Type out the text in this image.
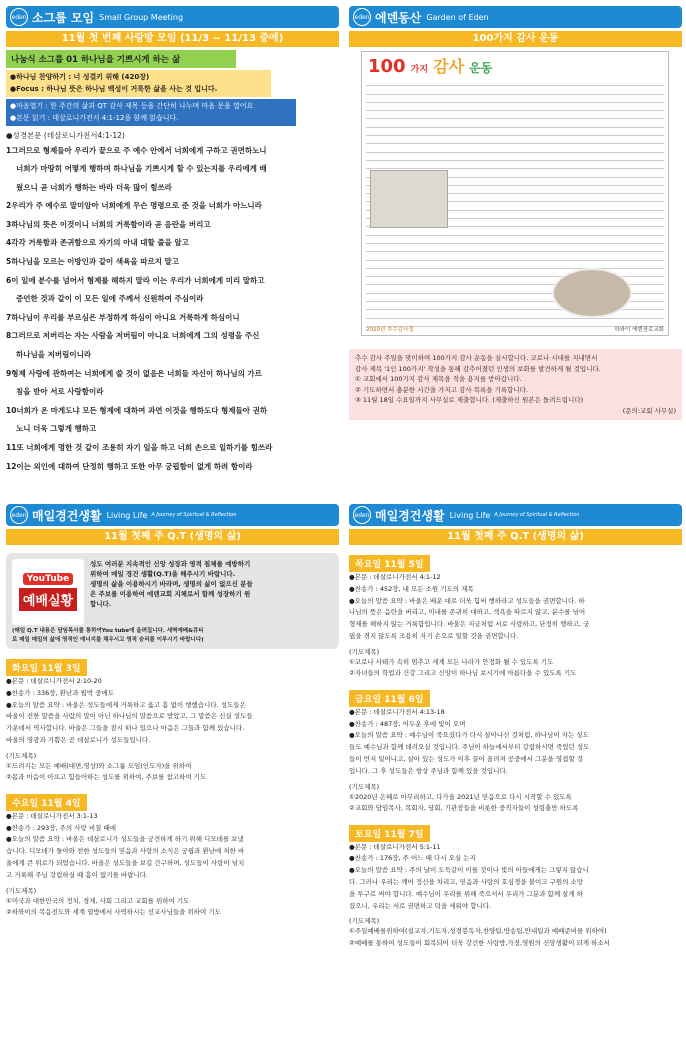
eden 소그룹 모임 Small Group Meeting
11월 첫 번째 사랑방 모임 (11/3 ~ 11/13 중에)
나눔식 소그룹 01 하나님을 기쁘시게 하는 삶
●하나님 찬양하기 : 너 성결키 위해 (420장)
●Focus : 하나님 뜻은 하나님 백성이 거룩한 삶을 사는 것 입니다.
●마음열기 : 한 주간의 삶과 QT 감사 제목 등을 간단히 나누며 마음 문을 열어요
●본문 읽기 : 데살로니가전서 4:1-12을 함께 읽습니다.
●성경본문 (데살로니가전서4:1-12)
1그러므로 형제들아 우리가 끝으로 주 예수 안에서 너희에게 구하고 권면하노니
너희가 마땅히 어떻게 행하며 하나님을 기쁘시게 할 수 있는지를 우리에게 배
웠으니 곧 너희가 행하는 바라 더욱 많이 힘쓰라
2우리가 주 예수로 말미암아 너희에게 무슨 명령으로 준 것을 너희가 아느니라
3하나님의 뜻은 이것이니 너희의 거룩함이라 곧 음란을 버리고
4각각 거룩함과 존귀함으로 자기의 아내 대할 줄을 알고
5하나님을 모르는 이방인과 같이 색욕을 따르지 말고
6이 일에 분수를 넘어서 형제를 해하지 말라 이는 우리가 너희에게 미리 말하고
증언한 것과 같이 이 모든 일에 주께서 신원하여 주심이라
7하나님이 우리를 부르심은 부정하게 하심이 아니요 거룩하게 하심이니
8그러므로 저버리는 자는 사람을 저버림이 아니요 너희에게 그의 성령을 주신
하나님을 저버림이니라
9형제 사랑에 관하여는 너희에게 쓸 것이 없음은 너희들 자신이 하나님의 가르
침을 받아 서로 사랑함이라
10너희가 온 마게도냐 모든 형제에 대하여 과연 이것을 행하도다 형제들아 권하
노니 더욱 그렇게 행하고
11또 너희에게 명한 것 같이 조용히 자기 일을 하고 너희 손으로 일하기를 힘쓰라
12이는 외인에 대하여 단정히 행하고 또한 아무 궁핍함이 없게 하려 함이라
eden 에덴동산 Garden of Eden
100가지 감사 운동
100 가지 감사 운동
2020년 추수감사절	하와이 에덴장로교회
추수 감사 주일을 맞이하여 100가지 감사 운동을 실시합니다. 코로나 시대를 지내면서
감사 제목 '1인 100가지' 작성을 통해 감추어졌던 인생의 보화를 발견하게 될 것입니다.
① 교회에서 100가지 감사 제목을 적을 용지를 받아갑니다.
② 기도하면서 충분한 시간을 가지고 감사 목록을 기록합니다.
③ 11월 18일 수요일까지 사무실로 제출합니다. (제출하신 원본은 돌려드립니다)
(문의:교회 사무실)
eden 매일경건생활 Living Life A Journey of Spiritual & Reflection
11월 첫째 주 Q.T (생명의 삶)
YouTube
예배실황
성도 여러분 지속적인 신앙 성장과 영적 침체를 예방하기
위하여 매일 경건 생활(Q.T)을 해주시기 바랍니다.
생명의 삶을 이용하시기 바라며, 생명의 삶이 없으신 분들
은 주보를 이용하여 에덴교회 지체로서 함께 성장하기 원
합니다.
(매일 Q.T 내용은 담임목사를 통하여You tube에 올려집니다. 새벽예배&큐티
로 매일 매일의 삶에 영적인 에너지를 채우시고 영적 승리를 이루시기 바랍니다)
화요일 11월 3일
●본문 : 데살로니가전서 2:10-20
●찬송가 : 336장, 환난과 핍박 중에도
●오늘의 말씀 요약 : 바울은 성도들에게 거룩하고 옳고 흠 없이 행했습니다. 성도들은
바울이 전한 말씀을 사람의 말이 아닌 하나님의 말씀으로 받았고, 그 말씀은 신실 성도들
가운데서 역사합니다. 바울은 그들을 잠시 떠나 있으나 마음은 그들과 함께 있습니다.
바울의 영광과 기쁨은 곧 데살로니가 성도들입니다.
(기도제목)
①드려지는 모든 예배(대면,영상)와 소그룹 모임(인도자)을 위하여
②몸과 마음이 아프고 힘들어하는 성도를 위하여, 주보를 참고하여 기도
수요일 11월 4일
●본문 : 데살로니가전서 3:1-13
●찬송가 : 293장, 주의 사랑 비칠 때에
●오늘의 말씀 요약 : 바울은 데살로니가 성도들을 궁견하게 하기 위해 디모데를 보냈
습니다. 디모데가 돌아와 전한 성도들의 믿음과 사랑의 소식은 궁핍과 환난에 처한 바
울에게 큰 위로가 되었습니다. 바울은 성도들을 보길 간구하며, 성도들이 사랑이 넘치
고 거룩해 주님 강림하실 때 흠이 없기를 바랍니다.
(기도제목)
①미국과 대한민국의 정치, 경제, 사회 그리고 교회를 위하여 기도
②하와이의 복음전도와 세계 열방에서 사역하시는 선교사님들을 위하여 기도
eden 매일경건생활 Living Life A Journey of Spiritual & Reflection
11월 첫째 주 Q.T (생명의 삶)
목요일 11월 5일
●본문 : 데살로니가전서 4:1-12
●찬송가 : 452장, 내 모든 소원 기도의 제목
●오늘의 말씀 요약 : 바울은 배운 대로 더욱 힘써 행하라고 성도들을 권면합니다. 하
나님의 뜻은 음란을 버리고, 이내를 존귀히 대하고, 색욕을 따르지 않고, 분수를 넘어
형제를 해하지 않는 거룩함입니다. 바울은 지금처럼 서로 사랑하고, 단정히 행하고, 궁
핍을 겪지 않도록 조용히 자기 손으로 일할 것을 권면합니다.
(기도제목)
①코로나 사태가 속히 멈추고 세계 모든 나라가 안정화 될 수 있도록 기도
②자녀들의 학업과 건강 그리고 신앙이 하나님 보시기에 아름다울 수 있도록 기도
금요일 11월 6일
●본문 : 데살로니가전서 4:13-18
●찬송가 : 487장, 어두운 후에 빛이 오며
●오늘의 말씀 요약 : 예수님이 죽으셨다가 다시 살아나신 것처럼, 하나님이 자는 성도
들도 예수님과 함께 데려오실 것입니다. 주님이 하늘에서부터 강림하시면 죽었던 성도
들이 먼저 일어나고, 살아 있는 성도가 이후 끌어 올려져 공중에서 그분을 영접할 것
입니다. 그 후 성도들은 항상 주님과 함께 있을 것입니다.
(기도제목)
①2020년 은혜로 마무리하고, 다가올 2021년 믿음으로 다시 시작할 수 있도록
②교회와 담임목사, 목회자, 당회, 기관장들을 비롯한 중직자들이 성령충만 하도록
토요일 11월 7일
●본문 : 데살로니가전서 5:1-11
●찬송가 : 176장, 주 어느 때 다시 오실 는지
●오늘의 말씀 요약 : 주의 날이 도둑같이 이를 것이나 빛의 아들에게는 그렇지 않습니
다. 그러나 우리는 깨어 정신을 차리고, 믿음과 사랑의 호심경을 붙이고 구원의 소망
을 투구로 써야 합니다. 예수님이 우리를 위해 죽으셔서 우리가 그분과 함께 살게 하
셨으니, 우리는 서로 권면하고 덕을 세워야 합니다.
(기도제목)
①주일예배를위하여(설교자,기도자,성경봉독자,찬양팀,방송팀,안내팀과 예배준비를 위하여)
②예배를 통하여 성도들이 회복되어 더욱 강건한 사랑방,가정,영원의 신앙생활이 되게 하소서
